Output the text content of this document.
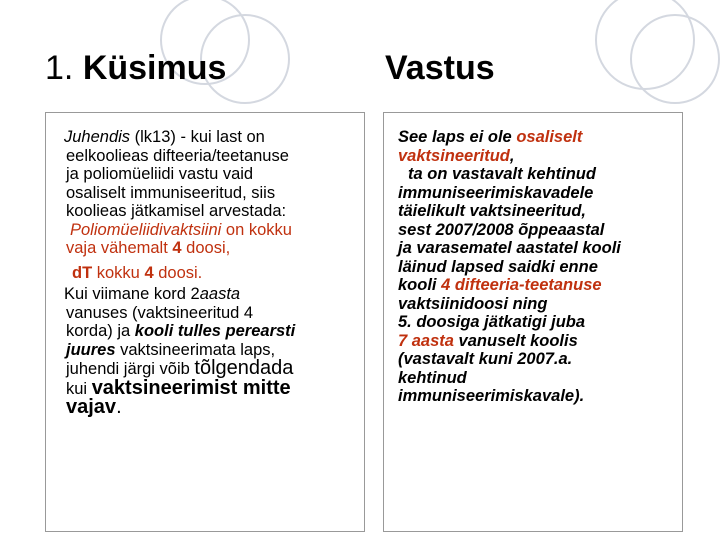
1. Küsimus	Vastus
Juhendis (lk13) - kui last on
eelkoolieas difteeria/teetanuse
ja poliomüeliidi vastu vaid
osaliselt immuniseeritud, siis
koolieas jätkamisel arvestada:
Poliomüeliidivaktsiini on kokku
vaja vähemalt 4 doosi,
dT kokku 4 doosi.
Kui viimane kord 2aasta
vanuses (vaktsineeritud 4
korda) ja kooli tulles perearsti
juures vaktsineerimata laps,
juhendi järgi võib tõlgendada
kui vaktsineerimist mitte
vajav.
See laps ei ole osaliselt
vaktsineeritud,
ta on vastavalt kehtinud
immuniseerimiskavadele
täielikult vaktsineeritud,
sest 2007/2008 õppeaastal
ja varasematel aastatel kooli
läinud lapsed saidki enne
kooli 4 difteeria-teetanuse
vaktsiinidoosi ning
5. doosiga jätkatigi juba
7 aasta vanuselt koolis
(vastavalt kuni 2007.a.
kehtinud
immuniseerimiskavale).
